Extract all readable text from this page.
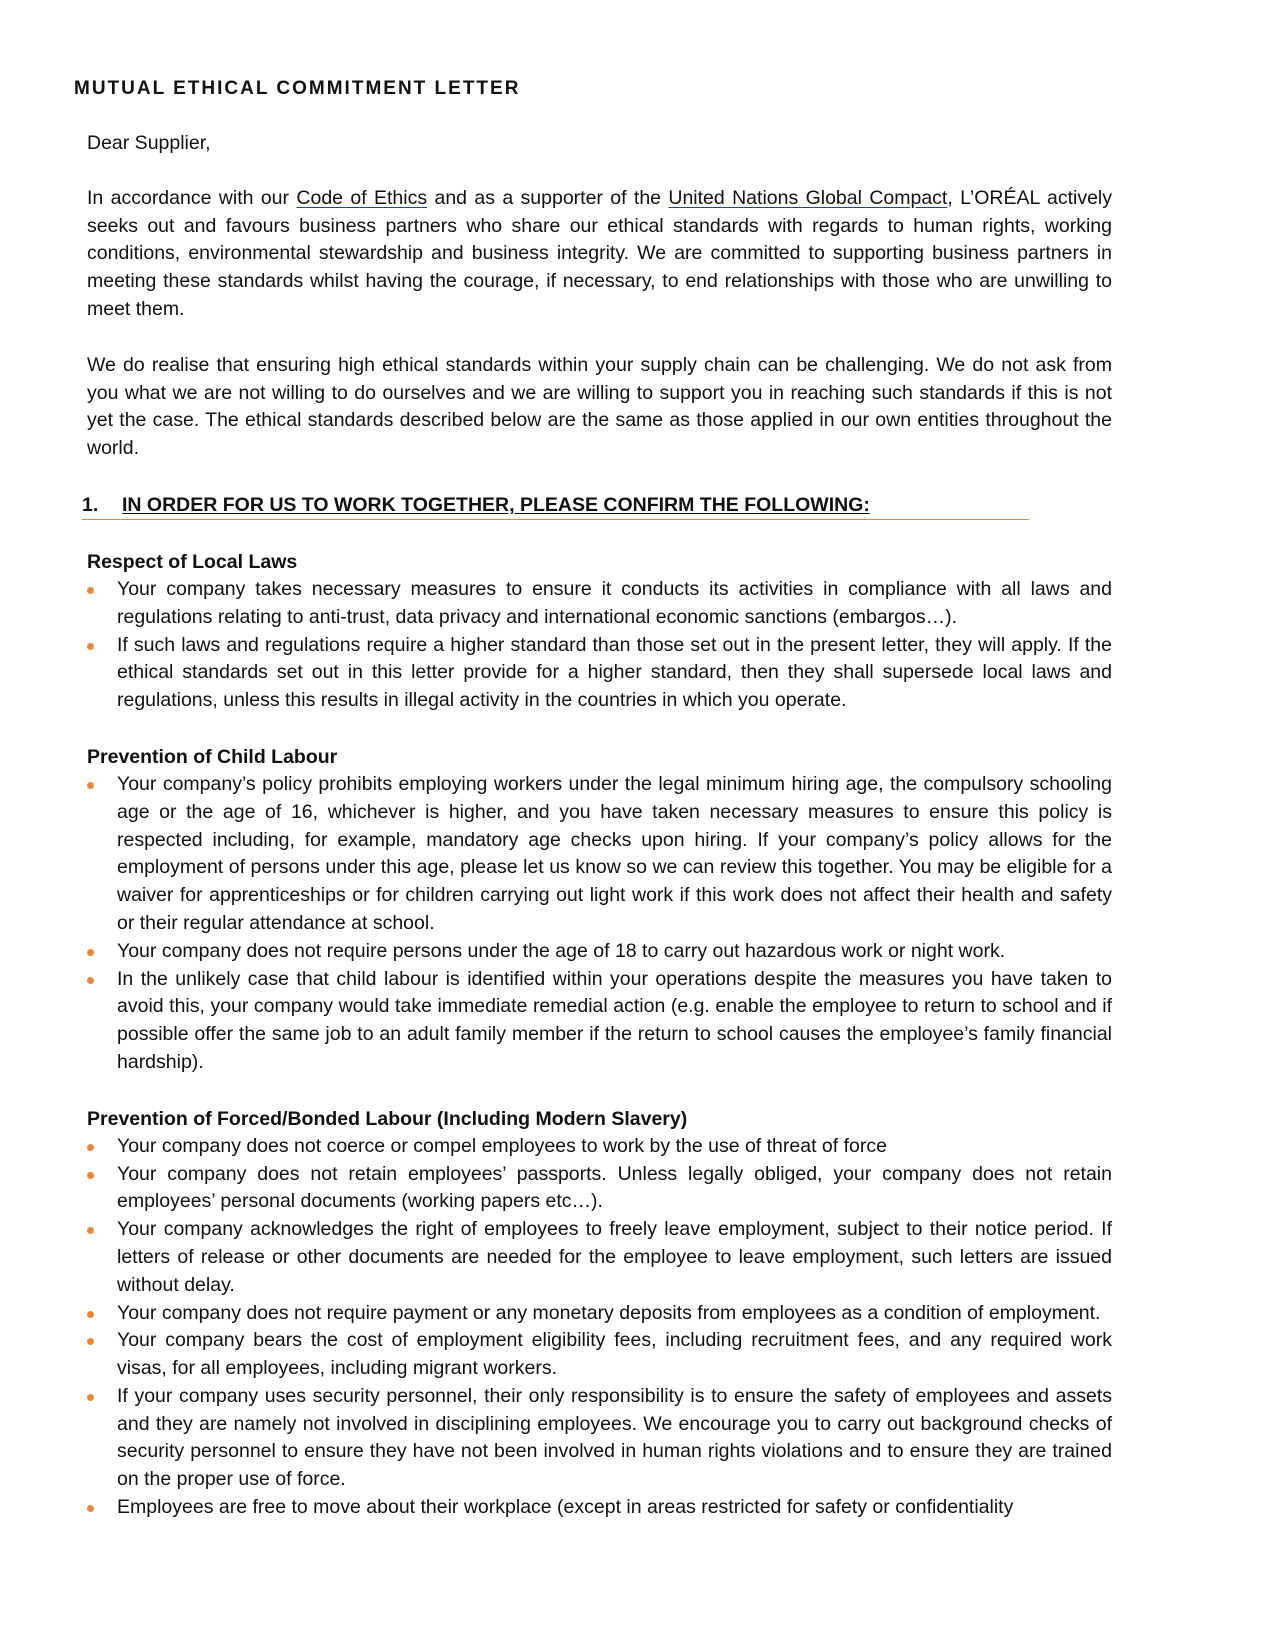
MUTUAL ETHICAL COMMITMENT LETTER

Dear Supplier,

In accordance with our Code of Ethics and as a supporter of the United Nations Global Compact, L’ORÉAL actively seeks out and favours business partners who share our ethical standards with regards to human rights, working conditions, environmental stewardship and business integrity. We are committed to supporting business partners in meeting these standards whilst having the courage, if necessary, to end relationships with those who are unwilling to meet them.

We do realise that ensuring high ethical standards within your supply chain can be challenging. We do not ask from you what we are not willing to do ourselves and we are willing to support you in reaching such standards if this is not yet the case. The ethical standards described below are the same as those applied in our own entities throughout the world.

1. IN ORDER FOR US TO WORK TOGETHER, PLEASE CONFIRM THE FOLLOWING:

Respect of Local Laws

Your company takes necessary measures to ensure it conducts its activities in compliance with all laws and regulations relating to anti-trust, data privacy and international economic sanctions (embargos…).
If such laws and regulations require a higher standard than those set out in the present letter, they will apply. If the ethical standards set out in this letter provide for a higher standard, then they shall supersede local laws and regulations, unless this results in illegal activity in the countries in which you operate.

Prevention of Child Labour

Your company’s policy prohibits employing workers under the legal minimum hiring age, the compulsory schooling age or the age of 16, whichever is higher, and you have taken necessary measures to ensure this policy is respected including, for example, mandatory age checks upon hiring. If your company’s policy allows for the employment of persons under this age, please let us know so we can review this together. You may be eligible for a waiver for apprenticeships or for children carrying out light work if this work does not affect their health and safety or their regular attendance at school.
Your company does not require persons under the age of 18 to carry out hazardous work or night work.
In the unlikely case that child labour is identified within your operations despite the measures you have taken to avoid this, your company would take immediate remedial action (e.g. enable the employee to return to school and if possible offer the same job to an adult family member if the return to school causes the employee’s family financial hardship).

Prevention of Forced/Bonded Labour (Including Modern Slavery)

Your company does not coerce or compel employees to work by the use of threat of force
Your company does not retain employees’ passports. Unless legally obliged, your company does not retain employees’ personal documents (working papers etc…).
Your company acknowledges the right of employees to freely leave employment, subject to their notice period. If letters of release or other documents are needed for the employee to leave employment, such letters are issued without delay.
Your company does not require payment or any monetary deposits from employees as a condition of employment.
Your company bears the cost of employment eligibility fees, including recruitment fees, and any required work visas, for all employees, including migrant workers.
If your company uses security personnel, their only responsibility is to ensure the safety of employees and assets and they are namely not involved in disciplining employees. We encourage you to carry out background checks of security personnel to ensure they have not been involved in human rights violations and to ensure they are trained on the proper use of force.
Employees are free to move about their workplace (except in areas restricted for safety or confidentiality
